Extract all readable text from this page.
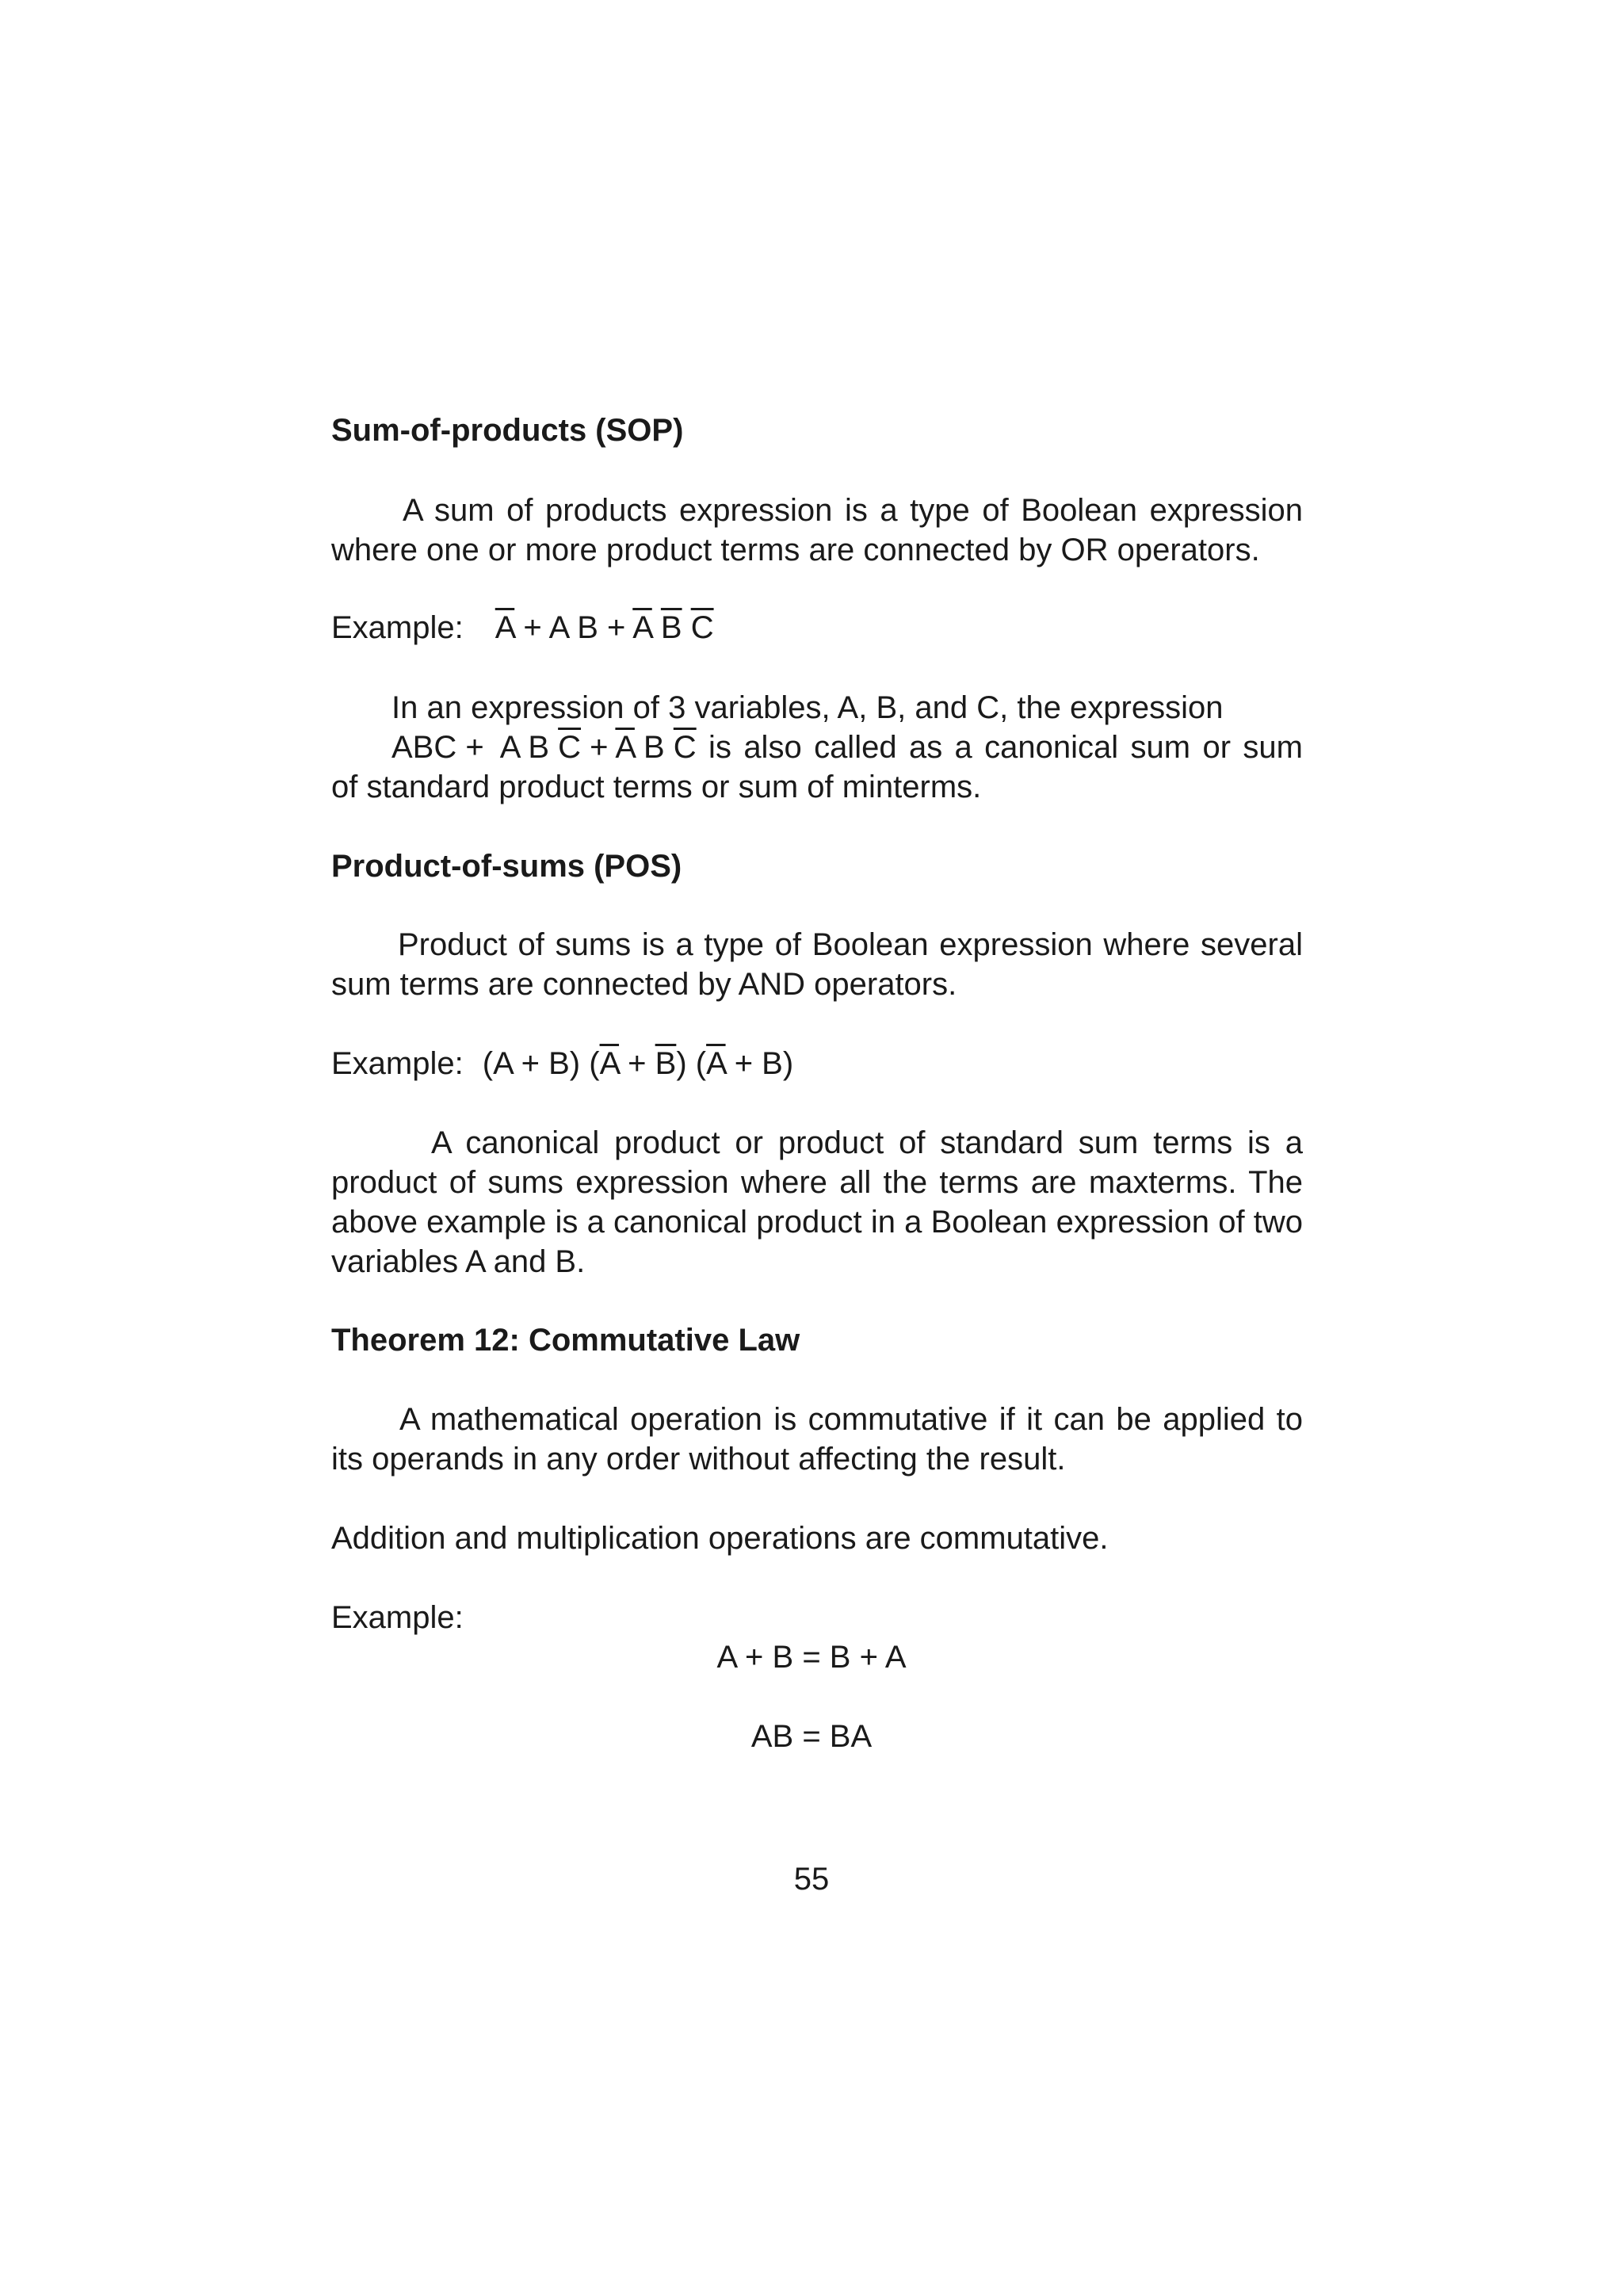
Sum-of-products (SOP)

A sum of products expression is a type of Boolean expression where one or more product terms are connected by OR operators.

Example: $\overline{A} + A$ $B + \overline{A}$ $\overline{B}$ $\overline{C}$

In an expression of 3 variables, A, B, and C, the expression
ABC +  A B $\overline{C} + \overline{A}$ B $\overline{C}$ is also called as a canonical sum or sum of standard product terms or sum of minterms.

Product-of-sums (POS)

Product of sums is a type of Boolean expression where several sum terms are connected by AND operators.

Example: (A + B) $(\overline{A} + \overline{B}) (\overline{A} + B)$

A canonical product or product of standard sum terms is a product of sums expression where all the terms are maxterms. The above example is a canonical product in a Boolean expression of two variables A and B.

Theorem 12: Commutative Law

A mathematical operation is commutative if it can be applied to its operands in any order without affecting the result.

Addition and multiplication operations are commutative.

Example:

A + B = B + A
AB = BA
55
